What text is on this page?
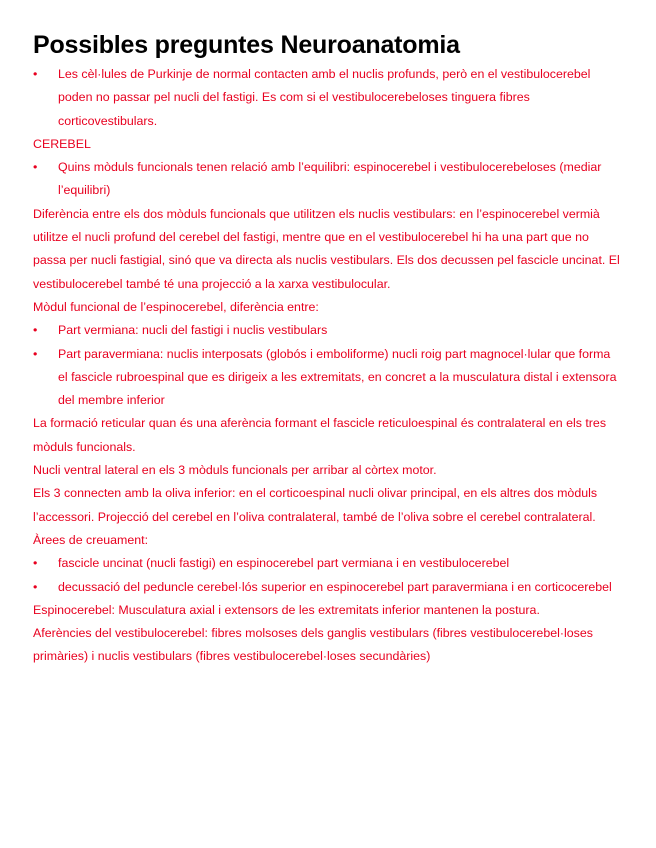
Possibles preguntes Neuroanatomia
• Les cèl·lules de Purkinje de normal contacten amb el nuclis profunds, però en el vestibulocerebel poden no passar pel nucli del fastigi. Es com si el vestibulocerebeloses tinguera fibres corticovestibulars.

CEREBEL

• Quins mòduls funcionals tenen relació amb l’equilibri: espinocerebel i vestibulocerebeloses (mediar l’equilibri)

Diferència entre els dos mòduls funcionals que utilitzen els nuclis vestibulars: en l’espinocerebel vermià utilitze el nucli profund del cerebel del fastigi, mentre que en el vestibulocerebel hi ha una part que no passa per nucli fastigial, sinó que va directa als nuclis vestibulars. Els dos decussen pel fascicle uncinat. El vestibulocerebel també té una projecció a la xarxa vestibulocular.

Mòdul funcional de l’espinocerebel, diferència entre:

• Part vermiana: nucli del fastigi i nuclis vestibulars
• Part paravermiana: nuclis interposats (globós i emboliforme) nucli roig part magnocel·lular que forma el fascicle rubroespinal que es dirigeix a les extremitats, en concret a la musculatura distal i extensora del membre inferior

La formació reticular quan és una aferència formant el fascicle reticuloespinal és contralateral en els tres mòduls funcionals.

Nucli ventral lateral en els 3 mòduls funcionals per arribar al còrtex motor.

Els 3 connecten amb la oliva inferior: en el corticoespinal nucli olivar principal, en els altres dos mòduls l’accessori. Projecció del cerebel en l’oliva contralateral, també de l’oliva sobre el cerebel contralateral.

Àrees de creuament:

• fascicle uncinat (nucli fastigi) en espinocerebel part vermiana i en vestibulocerebel
• decussació del peduncle cerebel·lós superior en espinocerebel part paravermiana i en corticocerebel

Espinocerebel: Musculatura axial i extensors de les extremitats inferior mantenen la postura.

Aferències del vestibulocerebel: fibres molsoses dels ganglis vestibulars (fibres vestibulocerebel·loses primàries) i nuclis vestibulars (fibres vestibulocerebel·loses secundàries)
